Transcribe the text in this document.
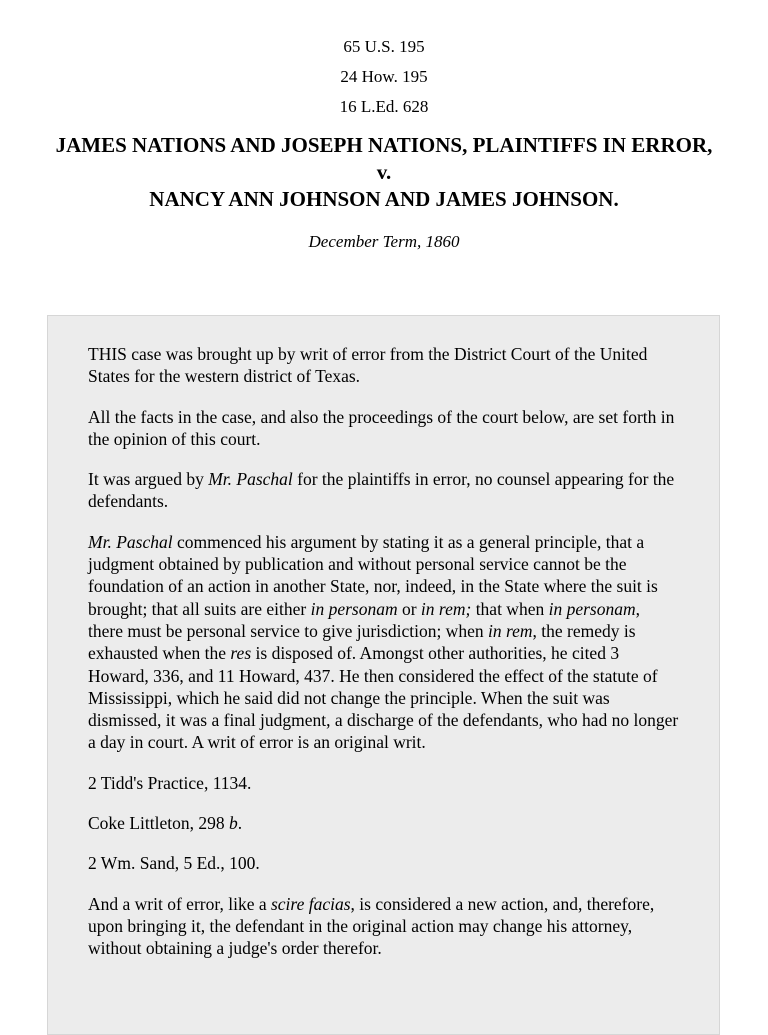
65 U.S. 195
24 How. 195
16 L.Ed. 628
JAMES NATIONS AND JOSEPH NATIONS, PLAINTIFFS IN ERROR,
v.
NANCY ANN JOHNSON AND JAMES JOHNSON.
December Term, 1860

THIS case was brought up by writ of error from the District Court of the United States for the western district of Texas.

All the facts in the case, and also the proceedings of the court below, are set forth in the opinion of this court.

It was argued by Mr. Paschal for the plaintiffs in error, no counsel appearing for the defendants.

Mr. Paschal commenced his argument by stating it as a general principle, that a judgment obtained by publication and without personal service cannot be the foundation of an action in another State, nor, indeed, in the State where the suit is brought; that all suits are either in personam or in rem; that when in personam, there must be personal service to give jurisdiction; when in rem, the remedy is exhausted when the res is disposed of. Amongst other authorities, he cited 3 Howard, 336, and 11 Howard, 437. He then considered the effect of the statute of Mississippi, which he said did not change the principle. When the suit was dismissed, it was a final judgment, a discharge of the defendants, who had no longer a day in court. A writ of error is an original writ.

2 Tidd's Practice, 1134.

Coke Littleton, 298 b.

2 Wm. Sand, 5 Ed., 100.

And a writ of error, like a scire facias, is considered a new action, and, therefore, upon bringing it, the defendant in the original action may change his attorney, without obtaining a judge's order therefor.
